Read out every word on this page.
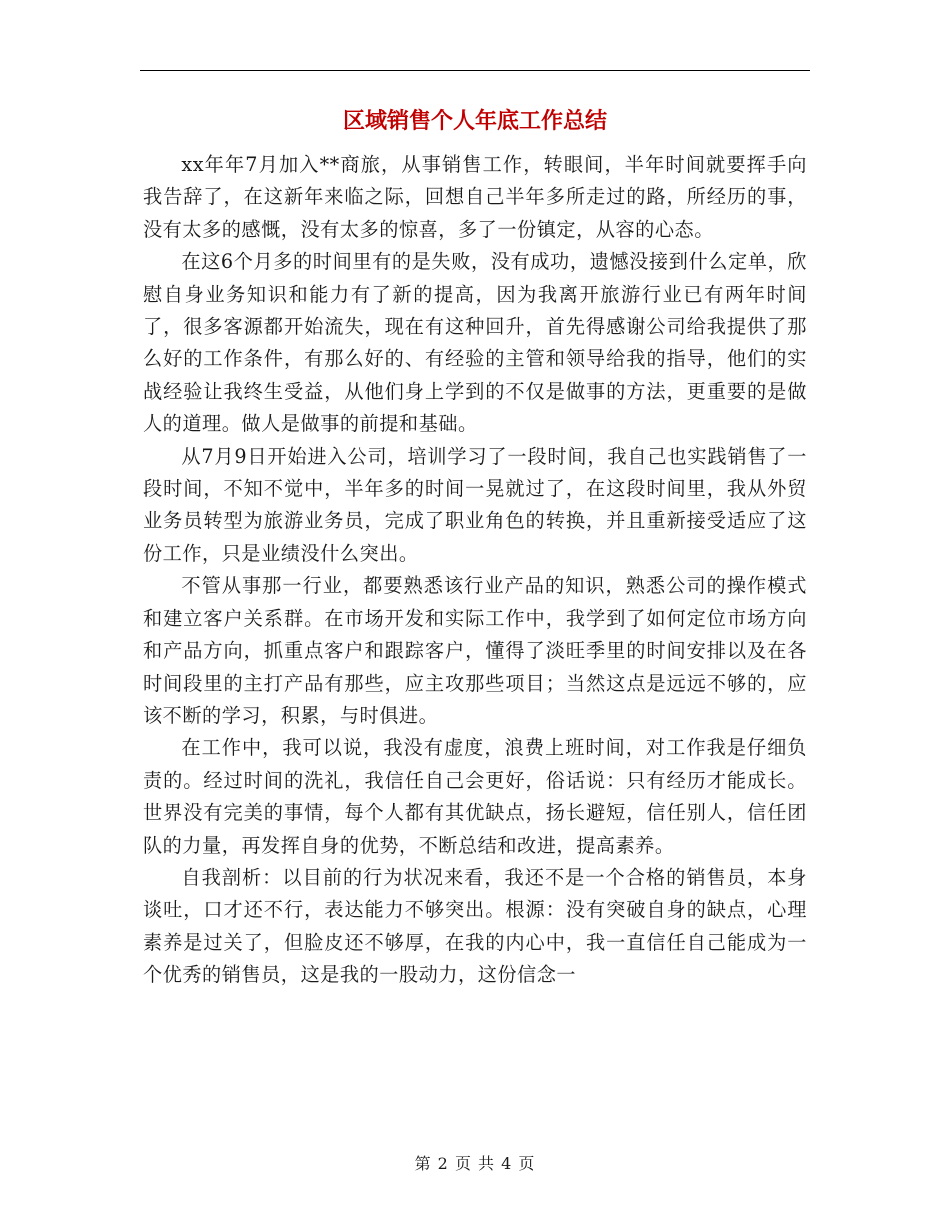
区域销售个人年底工作总结

xx年年7月加入**商旅，从事销售工作，转眼间，半年时间就要挥手向我告辞了，在这新年来临之际，回想自己半年多所走过的路，所经历的事，没有太多的感慨，没有太多的惊喜，多了一份镇定，从容的心态。

在这6个月多的时间里有的是失败，没有成功，遗憾没接到什么定单，欣慰自身业务知识和能力有了新的提高，因为我离开旅游行业已有两年时间了，很多客源都开始流失，现在有这种回升，首先得感谢公司给我提供了那么好的工作条件，有那么好的、有经验的主管和领导给我的指导，他们的实战经验让我终生受益，从他们身上学到的不仅是做事的方法，更重要的是做人的道理。做人是做事的前提和基础。

从7月9日开始进入公司，培训学习了一段时间，我自己也实践销售了一段时间，不知不觉中，半年多的时间一晃就过了，在这段时间里，我从外贸业务员转型为旅游业务员，完成了职业角色的转换，并且重新接受适应了这份工作，只是业绩没什么突出。

不管从事那一行业，都要熟悉该行业产品的知识，熟悉公司的操作模式和建立客户关系群。在市场开发和实际工作中，我学到了如何定位市场方向和产品方向，抓重点客户和跟踪客户，懂得了淡旺季里的时间安排以及在各时间段里的主打产品有那些，应主攻那些项目；当然这点是远远不够的，应该不断的学习，积累，与时俱进。

在工作中，我可以说，我没有虚度，浪费上班时间，对工作我是仔细负责的。经过时间的洗礼，我信任自己会更好，俗话说：只有经历才能成长。世界没有完美的事情，每个人都有其优缺点，扬长避短，信任别人，信任团队的力量，再发挥自身的优势，不断总结和改进，提高素养。

自我剖析：以目前的行为状况来看，我还不是一个合格的销售员，本身谈吐，口才还不行，表达能力不够突出。根源：没有突破自身的缺点，心理素养是过关了，但脸皮还不够厚，在我的内心中，我一直信任自己能成为一个优秀的销售员，这是我的一股动力，这份信念一

第 2 页 共 4 页
